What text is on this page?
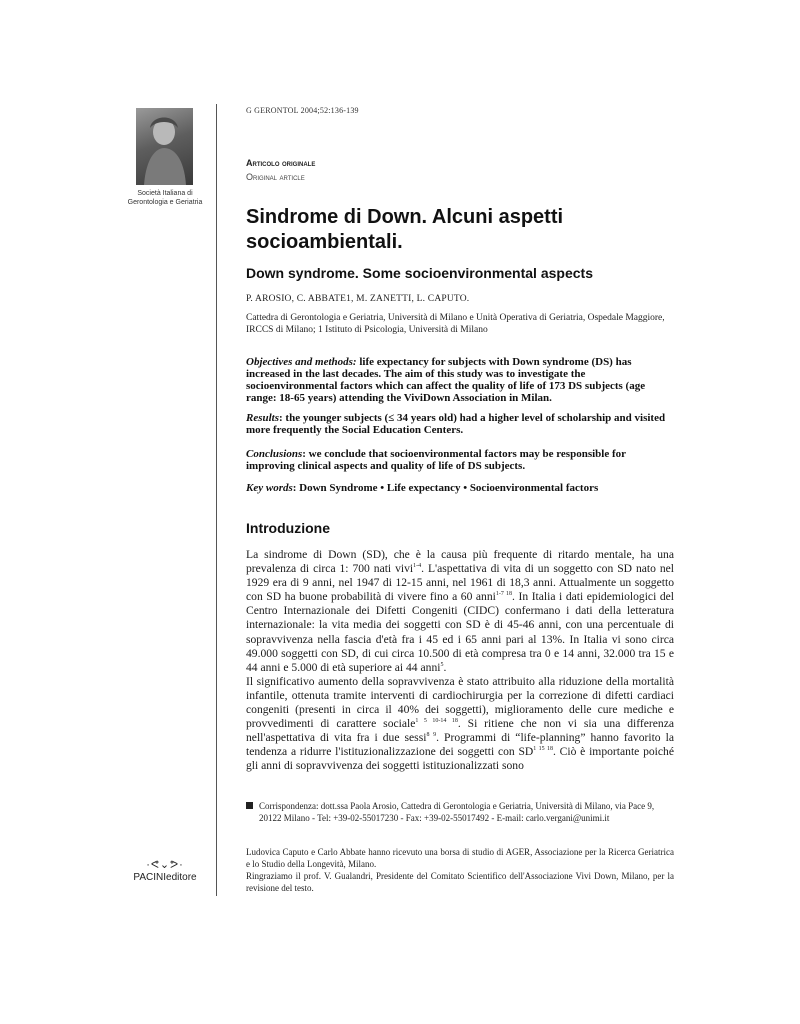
Società Italiana di Gerontologia e Geriatria
·ᕙ⌄ᕗ·
PACINIeditore
G GERONTOL 2004;52:136-139
Articolo originale
Original article
Sindrome di Down. Alcuni aspetti socioambientali.
Down syndrome. Some socioenvironmental aspects
P. AROSIO, C. ABBATE1, M. ZANETTI, L. CAPUTO.
Cattedra di Gerontologia e Geriatria, Università di Milano e Unità Operativa di Geriatria, Ospedale Maggiore, IRCCS di Milano; 1 Istituto di Psicologia, Università di Milano

Objectives and methods: life expectancy for subjects with Down syndrome (DS) has increased in the last decades. The aim of this study was to investigate the socioenvironmental factors which can affect the quality of life of 173 DS subjects (age range: 18-65 years) attending the ViviDown Association in Milan.

Results: the younger subjects (≤ 34 years old) had a higher level of scholarship and visited more frequently the Social Education Centers.

Conclusions: we conclude that socioenvironmental factors may be responsible for improving clinical aspects and quality of life of DS subjects.

Key words: Down Syndrome • Life expectancy • Socioenvironmental factors

Introduzione

La sindrome di Down (SD), che è la causa più frequente di ritardo mentale, ha una prevalenza di circa 1: 700 nati vivi$^{1-4}$. L'aspettativa di vita di un soggetto con SD nato nel 1929 era di 9 anni, nel 1947 di 12-15 anni, nel 1961 di 18,3 anni. Attualmente un soggetto con SD ha buone probabilità di vivere fino a 60 anni$^{1-7 18}$. In Italia i dati epidemiologici del Centro Internazionale dei Difetti Congeniti (CIDC) confermano i dati della letteratura internazionale: la vita media dei soggetti con SD è di 45-46 anni, con una percentuale di sopravvivenza nella fascia d'età fra i 45 ed i 65 anni pari al 13%. In Italia vi sono circa 49.000 soggetti con SD, di cui circa 10.500 di età compresa tra 0 e 14 anni, 32.000 tra 15 e 44 anni e 5.000 di età superiore ai 44 anni$^5$.

Il significativo aumento della sopravvivenza è stato attribuito alla riduzione della mortalità infantile, ottenuta tramite interventi di cardiochirurgia per la correzione di difetti cardiaci congeniti (presenti in circa il 40% dei soggetti), miglioramento delle cure mediche e provvedimenti di carattere sociale$^{1 5 10-14 18}$. Si ritiene che non vi sia una differenza nell'aspettativa di vita fra i due sessi$^{8 9}$. Programmi di “life-planning” hanno favorito la tendenza a ridurre l'istituzionalizzazione dei soggetti con $SD^{1 15 18}$. Ciò è importante poiché gli anni di sopravvivenza dei soggetti istituzionalizzati sono

Corrispondenza: dott.ssa Paola Arosio, Cattedra di Gerontologia e Geriatria, Università di Milano, via Pace 9, 20122 Milano - Tel: +39-02-55017230 - Fax: +39-02-55017492 - E-mail: carlo.vergani@unimi.it

Ludovica Caputo e Carlo Abbate hanno ricevuto una borsa di studio di AGER, Associazione per la Ricerca Geriatrica e lo Studio della Longevità, Milano.

Ringraziamo il prof. V. Gualandri, Presidente del Comitato Scientifico dell'Associazione Vivi Down, Milano, per la revisione del testo.
